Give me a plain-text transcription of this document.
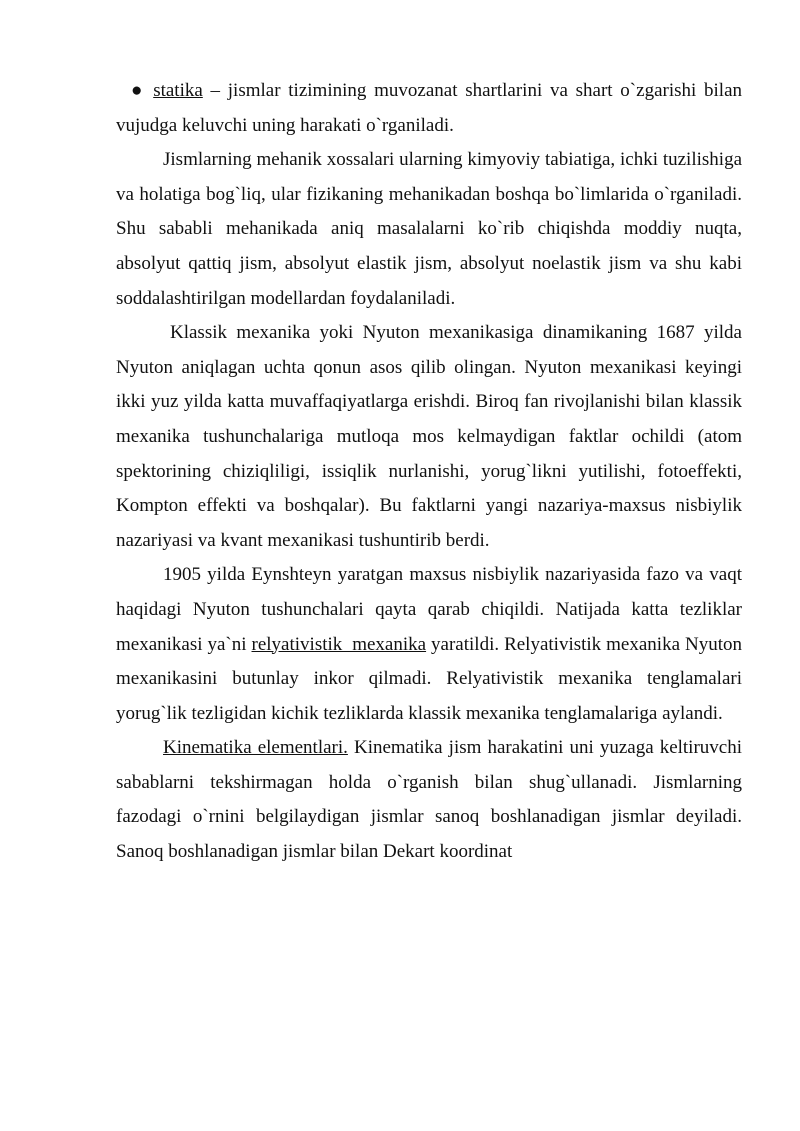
● statika – jismlar tizimining muvozanat shartlarini va shart o`zgarishi bilan vujudga keluvchi uning harakati o`rganiladi.

Jismlarning mehanik xossalari ularning kimyoviy tabiatiga, ichki tuzilishiga va holatiga bog`liq, ular fizikaning mehanikadan boshqa bo`limlarida o`rganiladi. Shu sababli mehanikada aniq masalalarni ko`rib chiqishda moddiy nuqta, absolyut qattiq jism, absolyut elastik jism, absolyut noelastik jism va shu kabi soddalashtirilgan modellardan foydalaniladi.

Klassik mexanika yoki Nyuton mexanikasiga dinamikaning 1687 yilda Nyuton aniqlagan uchta qonun asos qilib olingan. Nyuton mexanikasi keyingi ikki yuz yilda katta muvaffaqiyatlarga erishdi. Biroq fan rivojlanishi bilan klassik mexanika tushunchalariga mutloqa mos kelmaydigan faktlar ochildi (atom spektorining chiziqliligi, issiqlik nurlanishi, yorug`likni yutilishi, fotoeffekti, Kompton effekti va boshqalar). Bu faktlarni yangi nazariya-maxsus nisbiylik nazariyasi va kvant mexanikasi tushuntirib berdi.

1905 yilda Eynshteyn yaratgan maxsus nisbiylik nazariyasida fazo va vaqt haqidagi Nyuton tushunchalari qayta qarab chiqildi. Natijada katta tezliklar mexanikasi ya`ni relyativistik  mexanika yaratildi. Relyativistik mexanika Nyuton mexanikasini butunlay inkor qilmadi. Relyativistik mexanika tenglamalari yorug`lik tezligidan kichik tezliklarda klassik mexanika tenglamalariga aylandi.

Kinematika elementlari. Kinematika jism harakatini uni yuzaga keltiruvchi sabablarni tekshirmagan holda o`rganish bilan shug`ullanadi. Jismlarning fazodagi o`rnini belgilaydigan jismlar sanoq boshlanadigan jismlar deyiladi. Sanoq boshlanadigan jismlar bilan Dekart koordinat
